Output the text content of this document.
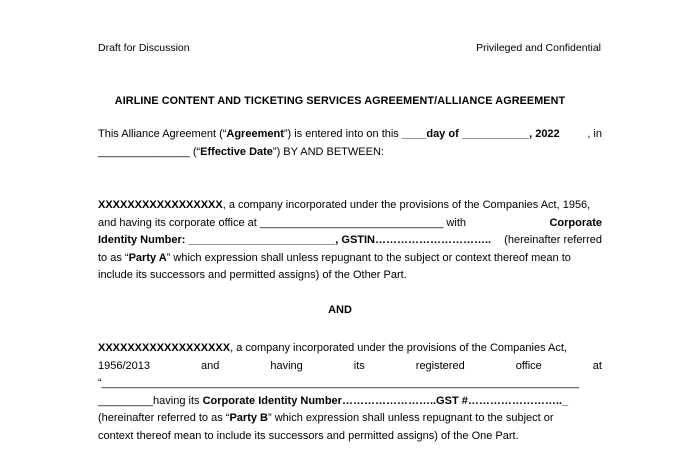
Draft for Discussion	Privileged and Confidential
AIRLINE CONTENT AND TICKETING SERVICES AGREEMENT/ALLIANCE AGREEMENT
This Alliance Agreement (“Agreement”) is entered into on this ____day of ___________, 2022	, in
_______________ (“Effective Date”) BY AND BETWEEN:
XXXXXXXXXXXXXXXXX, a company incorporated under the provisions of the Companies Act, 1956,
and having its corporate office at ______________________________ with	Corporate
Identity Number: ________________________, GSTIN………………………….. (hereinafter referred
to as “Party A” which expression shall unless repugnant to the subject or context thereof mean to
include its successors and permitted assigns) of the Other Part.
AND
XXXXXXXXXXXXXXXXXX, a company incorporated under the provisions of the Companies Act,
1956/2013	and	having	its	registered	office	at
“______________________________________________________________________________
_________having its Corporate Identity Number……………………..GST #…………………….._
(hereinafter referred to as “Party B” which expression shall unless repugnant to the subject or
context thereof mean to include its successors and permitted assigns) of the One Part.
